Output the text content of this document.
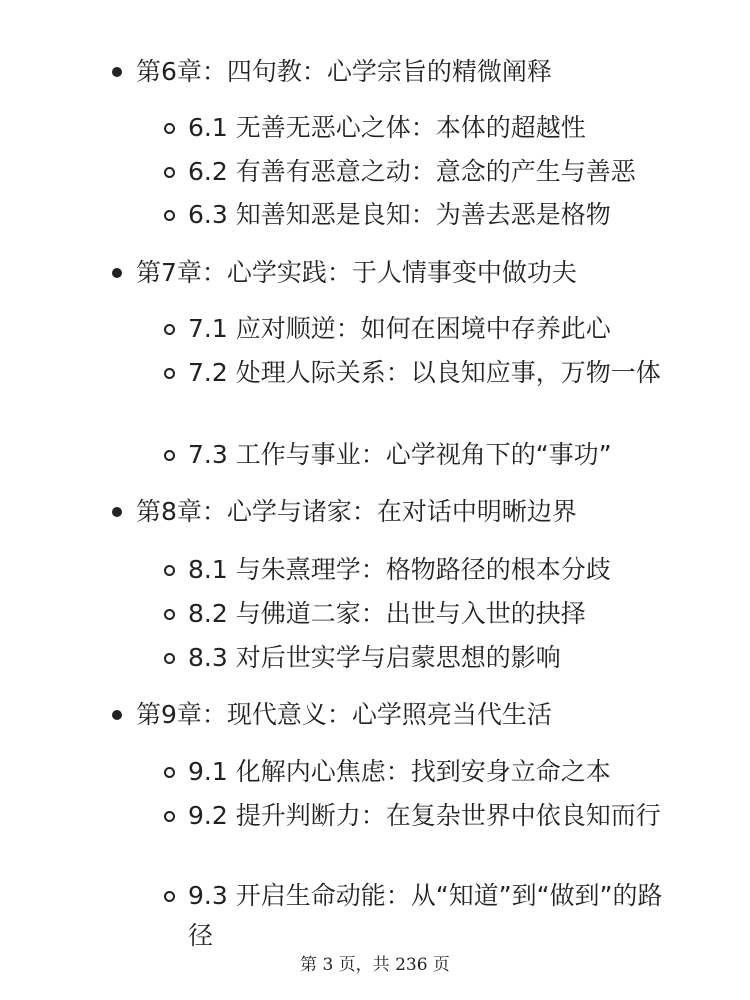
第6章：四句教：心学宗旨的精微阐释
6.1 无善无恶心之体：本体的超越性
6.2 有善有恶意之动：意念的产生与善恶
6.3 知善知恶是良知：为善去恶是格物
第7章：心学实践：于人情事变中做功夫
7.1 应对顺逆：如何在困境中存养此心
7.2 处理人际关系：以良知应事，万物一体
7.3 工作与事业：心学视角下的“事功”
第8章：心学与诸家：在对话中明晰边界
8.1 与朱熹理学：格物路径的根本分歧
8.2 与佛道二家：出世与入世的抉择
8.3 对后世实学与启蒙思想的影响
第9章：现代意义：心学照亮当代生活
9.1 化解内心焦虑：找到安身立命之本
9.2 提升判断力：在复杂世界中依良知而行
9.3 开启生命动能：从“知道”到“做到”的路径
第 3 页，共 236 页
